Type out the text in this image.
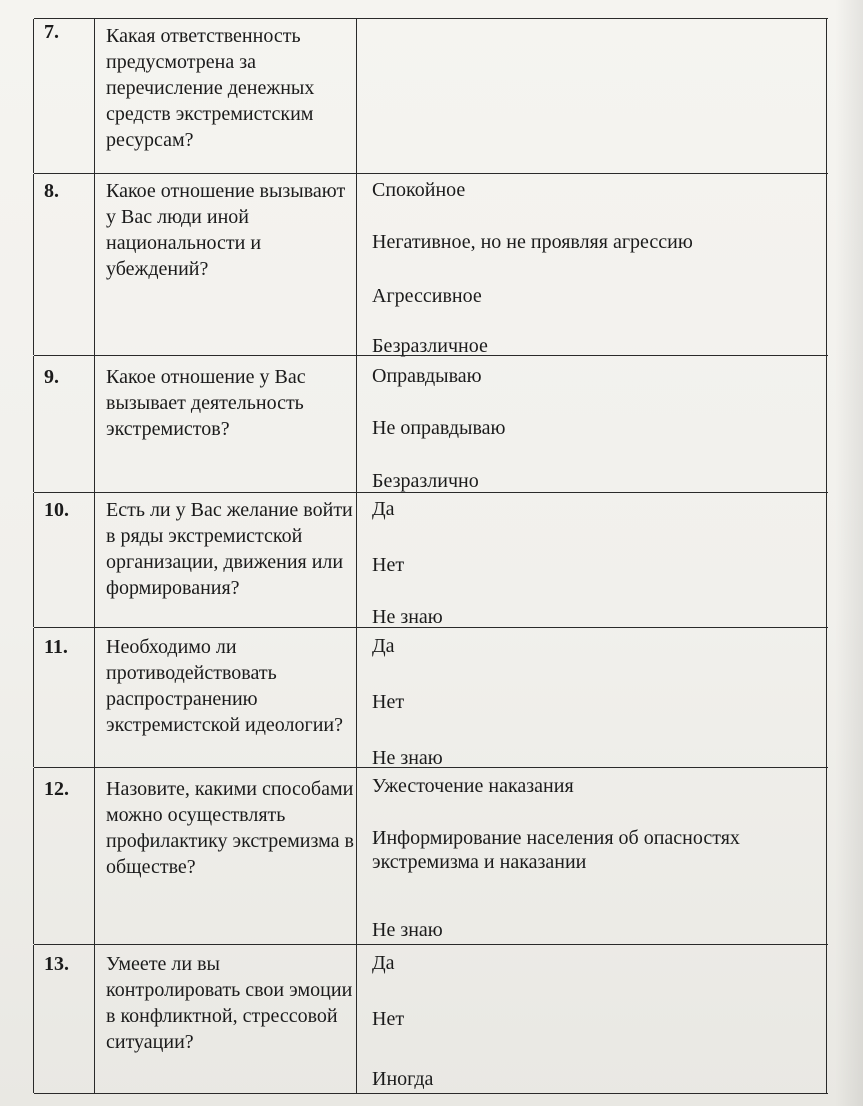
7. Какая ответственность предусмотрена за перечисление денежных средств экстремистским ресурсам?
8. Какое отношение вызывают у Вас люди иной национальности и убеждений?
Спокойное
Негативное, но не проявляя агрессию
Агрессивное
Безразличное
9. Какое отношение у Вас вызывает деятельность экстремистов?
Оправдываю
Не оправдываю
Безразлично
10. Есть ли у Вас желание войти в ряды экстремистской организации, движения или формирования?
Да
Нет
Не знаю
11. Необходимо ли противодействовать распространению экстремистской идеологии?
Да
Нет
Не знаю
12. Назовите, какими способами можно осуществлять профилактику экстремизма в обществе?
Ужесточение наказания
Информирование населения об опасностях экстремизма и наказании
Не знаю
13. Умеете ли вы контролировать свои эмоции в конфликтной, стрессовой ситуации?
Да
Нет
Иногда
